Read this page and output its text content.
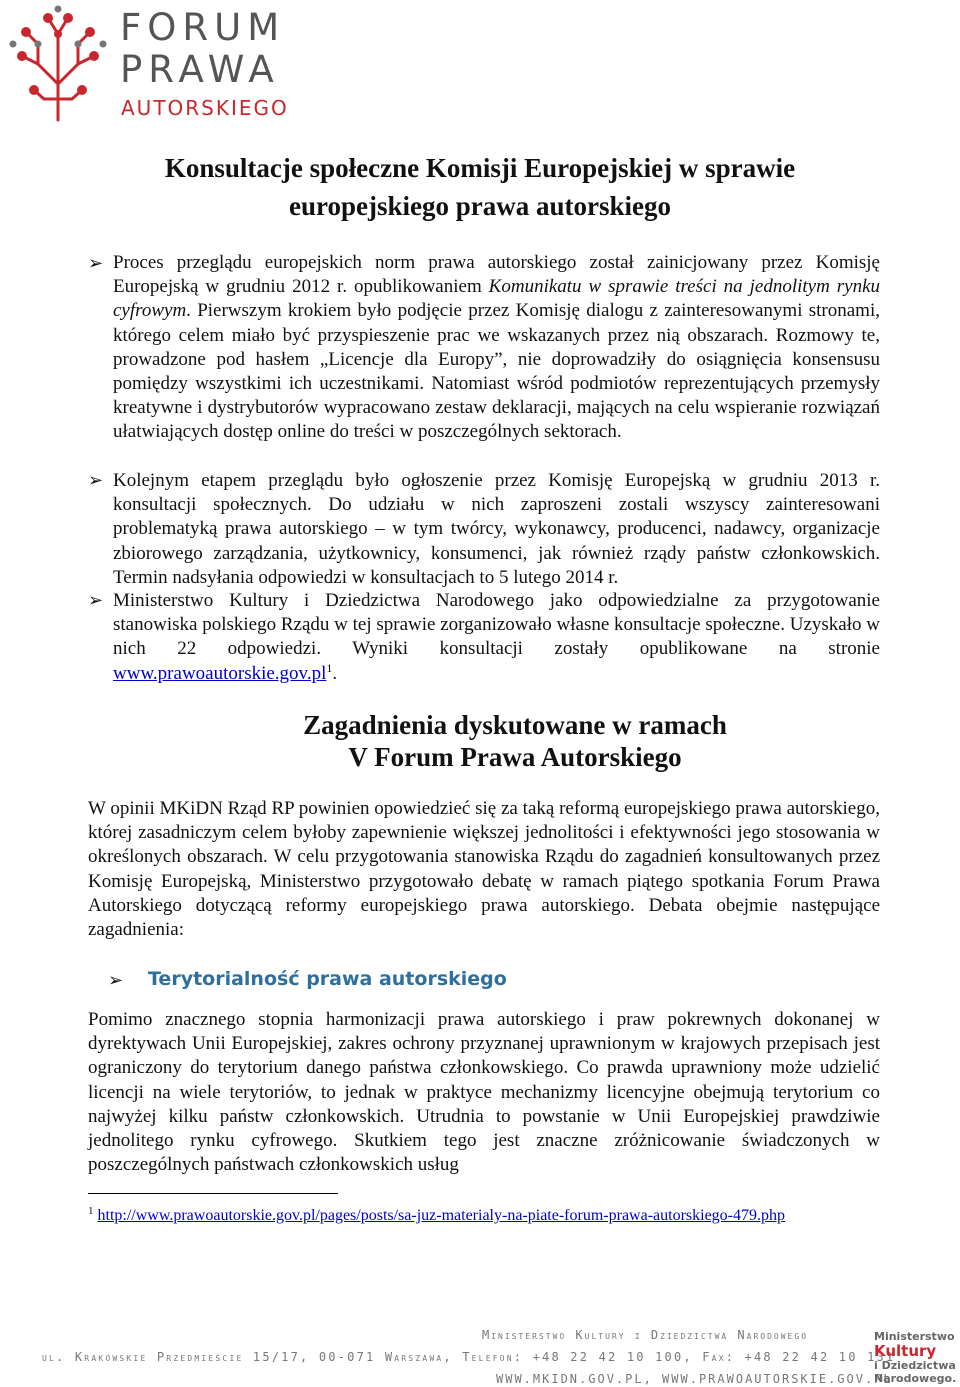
FORUM
PRAWA
AUTORSKIEGO
Konsultacje społeczne Komisji Europejskiej w sprawie
europejskiego prawa autorskiego
➢ Proces przeglądu europejskich norm prawa autorskiego został zainicjowany przez Komisję Europejską w grudniu 2012 r. opublikowaniem Komunikatu w sprawie treści na jednolitym rynku cyfrowym. Pierwszym krokiem było podjęcie przez Komisję dialogu z zainteresowanymi stronami, którego celem miało być przyspieszenie prac we wskazanych przez nią obszarach. Rozmowy te, prowadzone pod hasłem „Licencje dla Europy”, nie doprowadziły do osiągnięcia konsensusu pomiędzy wszystkimi ich uczestnikami. Natomiast wśród podmiotów reprezentujących przemysły kreatywne i dystrybutorów wypracowano zestaw deklaracji, mających na celu wspieranie rozwiązań ułatwiających dostęp online do treści w poszczególnych sektorach.
➢ Kolejnym etapem przeglądu było ogłoszenie przez Komisję Europejską w grudniu 2013 r. konsultacji społecznych. Do udziału w nich zaproszeni zostali wszyscy zainteresowani problematyką prawa autorskiego – w tym twórcy, wykonawcy, producenci, nadawcy, organizacje zbiorowego zarządzania, użytkownicy, konsumenci, jak również rządy państw członkowskich. Termin nadsyłania odpowiedzi w konsultacjach to 5 lutego 2014 r.
➢ Ministerstwo Kultury i Dziedzictwa Narodowego jako odpowiedzialne za przygotowanie stanowiska polskiego Rządu w tej sprawie zorganizowało własne konsultacje społeczne. Uzyskało w nich 22 odpowiedzi. Wyniki konsultacji zostały opublikowane na stronie $www.prawoautorskie.gov.pl^1$.
Zagadnienia dyskutowane w ramach
V Forum Prawa Autorskiego
W opinii MKiDN Rząd RP powinien opowiedzieć się za taką reformą europejskiego prawa autorskiego, której zasadniczym celem byłoby zapewnienie większej jednolitości i efektywności jego stosowania w określonych obszarach. W celu przygotowania stanowiska Rządu do zagadnień konsultowanych przez Komisję Europejską, Ministerstwo przygotowało debatę w ramach piątego spotkania Forum Prawa Autorskiego dotyczącą reformy europejskiego prawa autorskiego. Debata obejmie następujące zagadnienia:
➢ Terytorialność prawa autorskiego
Pomimo znacznego stopnia harmonizacji prawa autorskiego i praw pokrewnych dokonanej w dyrektywach Unii Europejskiej, zakres ochrony przyznanej uprawnionym w krajowych przepisach jest ograniczony do terytorium danego państwa członkowskiego. Co prawda uprawniony może udzielić licencji na wiele terytoriów, to jednak w praktyce mechanizmy licencyjne obejmują terytorium co najwyżej kilku państw członkowskich. Utrudnia to powstanie w Unii Europejskiej prawdziwie jednolitego rynku cyfrowego. Skutkiem tego jest znaczne zróżnicowanie świadczonych w poszczególnych państwach członkowskich usług
$^1$ http://www.prawoautorskie.gov.pl/pages/posts/sa-juz-materialy-na-piate-forum-prawa-autorskiego-479.php
Ministerstwo Kultury i Dziedzictwa Narodowego
ul. Krakowskie Przedmieście 15/17, 00-071 Warszawa, Telefon: +48 22 42 10 100, Fax: +48 22 42 10 131
WWW.MKIDN.GOV.PL, WWW.PRAWOAUTORSKIE.GOV.PL
Ministerstwo
Kultury
i Dziedzictwa
Narodowego.
